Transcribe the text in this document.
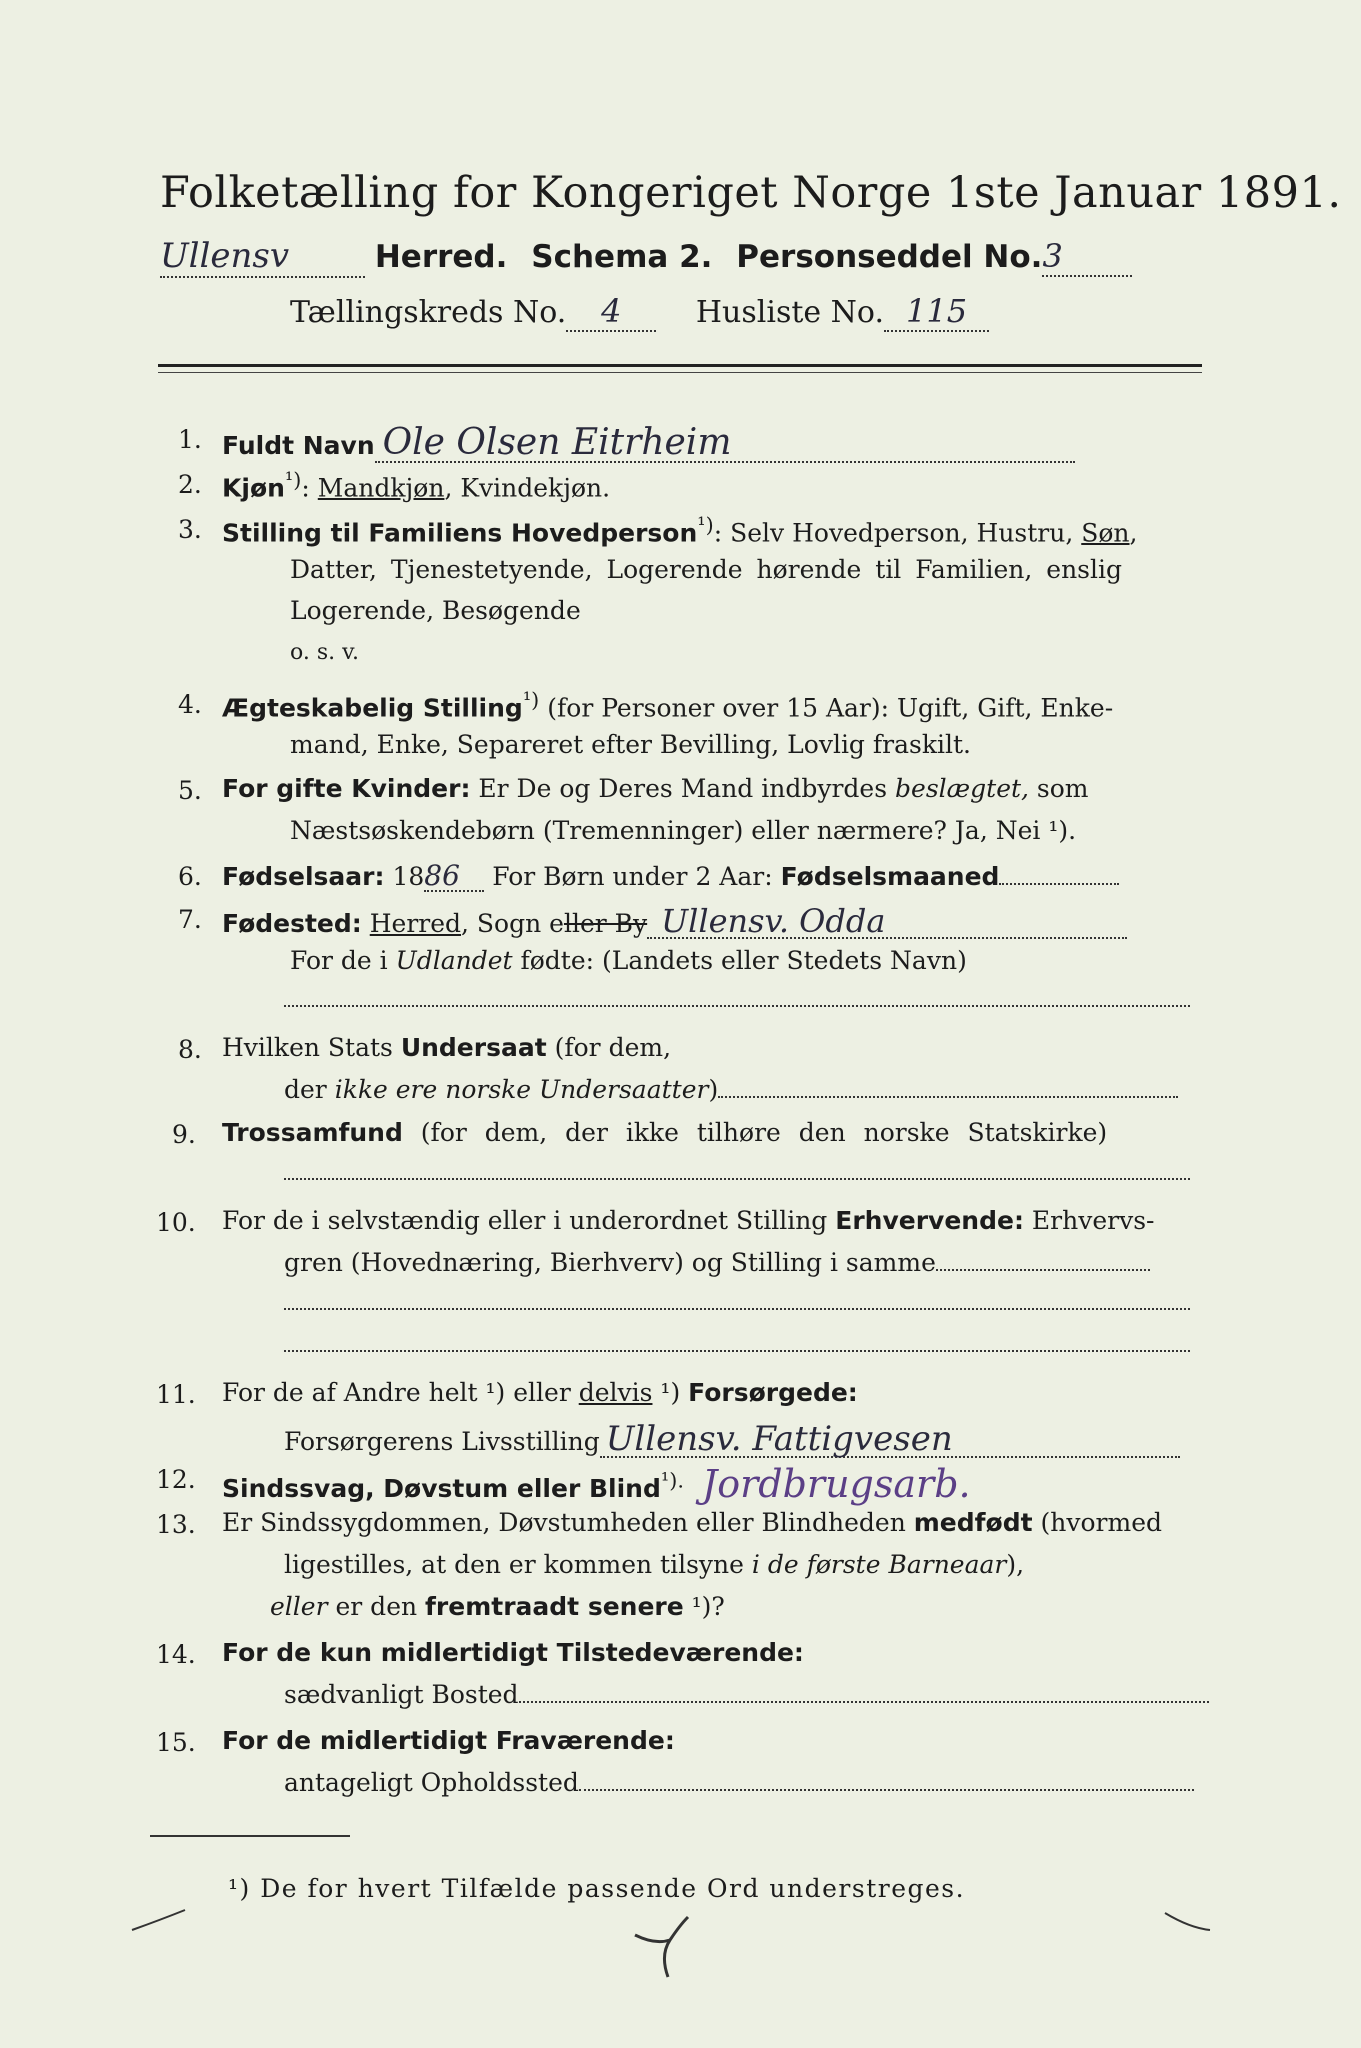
Folketælling for Kongeriget Norge 1ste Januar 1891.
Ullensv	Herred. Schema 2. Personseddel No.3
Tællingskreds No. 4 Husliste No. 115
1. Fuldt Navn Ole Olsen Eitrheim
2. Kjøn$^{^1)}$: Mandkjøn, Kvindekjøn.
3. Stilling til Familiens Hovedperson$^{^1)}$: Selv Hovedperson, Hustru, Søn,
Datter, Tjenestetyende, Logerende hørende til Familien, enslig
Logerende, Besøgende
o. s. v.
4. Ægteskabelig Stilling$^{^1)}$ (for Personer over 15 Aar): Ugift, Gift, Enke-
mand, Enke, Separeret efter Bevilling, Lovlig fraskilt.
5. For gifte Kvinder: Er De og Deres Mand indbyrdes beslægtet, som
Næstsøskendebørn (Tremenninger) eller nærmere? Ja, Nei ¹).
6. Fødselsaar: 1886 For Børn under 2 Aar: Fødselsmaaned
7. Fødested: Herred, Sogn eller By Ullensv. Odda
For de i Udlandet fødte: (Landets eller Stedets Navn)
8. Hvilken Stats Undersaat (for dem,
der ikke ere norske Undersaatter)
9. Trossamfund (for dem, der ikke tilhøre den norske Statskirke)
10. For de i selvstændig eller i underordnet Stilling Erhvervende: Erhvervs-
gren (Hovednæring, Bierhverv) og Stilling i samme
11. For de af Andre helt ¹) eller delvis ¹) Forsørgede:
Forsørgerens Livsstilling Ullensv. Fattigvesen
12. Sindssvag, Døvstum eller Blind$^{^1).}$ Jordbrugsarb.
13. Er Sindssygdommen, Døvstumheden eller Blindheden medfødt (hvormed
ligestilles, at den er kommen tilsyne i de første Barneaar),
eller er den fremtraadt senere ¹)?
14. For de kun midlertidigt Tilstedeværende:
sædvanligt Bosted
15. For de midlertidigt Fraværende:
antageligt Opholdssted
¹) De for hvert Tilfælde passende Ord understreges.
